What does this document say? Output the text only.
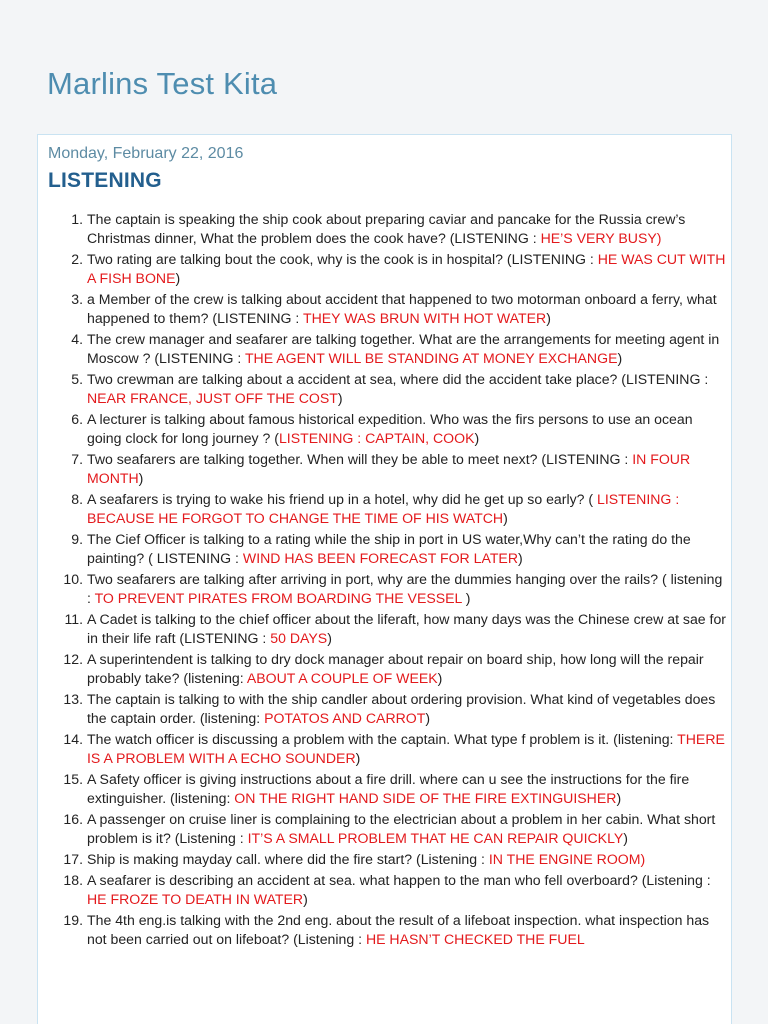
Marlins Test Kita
Monday, February 22, 2016
LISTENING
1. The captain is speaking the ship cook about preparing caviar and pancake for the Russia crew’s Christmas dinner, What the problem does the cook have? (LISTENING : HE’S VERY BUSY)
2. Two rating are talking bout the cook, why is the cook is in hospital? (LISTENING : HE WAS CUT WITH A FISH BONE)
3. a Member of the crew is talking about accident that happened to two motorman onboard a ferry, what happened to them? (LISTENING : THEY WAS BRUN WITH HOT WATER)
4. The crew manager and seafarer are talking together. What are the arrangements for meeting agent in Moscow ? (LISTENING : THE AGENT WILL BE STANDING AT MONEY EXCHANGE)
5. Two crewman are talking about a accident at sea, where did the accident take place? (LISTENING : NEAR FRANCE, JUST OFF THE COST)
6. A lecturer is talking about famous historical expedition. Who was the firs persons to use an ocean going clock for long journey ? (LISTENING : CAPTAIN, COOK)
7. Two seafarers are talking together. When will they be able to meet next? (LISTENING : IN FOUR MONTH)
8. A seafarers is trying to wake his friend up in a hotel, why did he get up so early? ( LISTENING : BECAUSE HE FORGOT TO CHANGE THE TIME OF HIS WATCH)
9. The Cief Officer is talking to a rating while the ship in port in US water,Why can’t the rating do the painting? ( LISTENING : WIND HAS BEEN FORECAST FOR LATER)
10. Two seafarers are talking after arriving in port, why are the dummies hanging over the rails? ( listening : TO PREVENT PIRATES FROM BOARDING THE VESSEL )
11. A Cadet is talking to the chief officer about the liferaft, how many days was the Chinese crew at sae for in their life raft (LISTENING : 50 DAYS)
12. A superintendent is talking to dry dock manager about repair on board ship, how long will the repair probably take? (listening: ABOUT A COUPLE OF WEEK)
13. The captain is talking to with the ship candler about ordering provision. What kind of vegetables does the captain order. (listening: POTATOS AND CARROT)
14. The watch officer is discussing a problem with the captain. What type f problem is it. (listening: THERE IS A PROBLEM WITH A ECHO SOUNDER)
15. A Safety officer is giving instructions about a fire drill. where can u see the instructions for the fire extinguisher. (listening: ON THE RIGHT HAND SIDE OF THE FIRE EXTINGUISHER)
16. A passenger on cruise liner is complaining to the electrician about a problem in her cabin. What short problem is it? (Listening : IT’S A SMALL PROBLEM THAT HE CAN REPAIR QUICKLY)
17. Ship is making mayday call. where did the fire start? (Listening : IN THE ENGINE ROOM)
18. A seafarer is describing an accident at sea. what happen to the man who fell overboard? (Listening : HE FROZE TO DEATH IN WATER)
19. The 4th eng.is talking with the 2nd eng. about the result of a lifeboat inspection. what inspection has not been carried out on lifeboat? (Listening : HE HASN’T CHECKED THE FUEL
